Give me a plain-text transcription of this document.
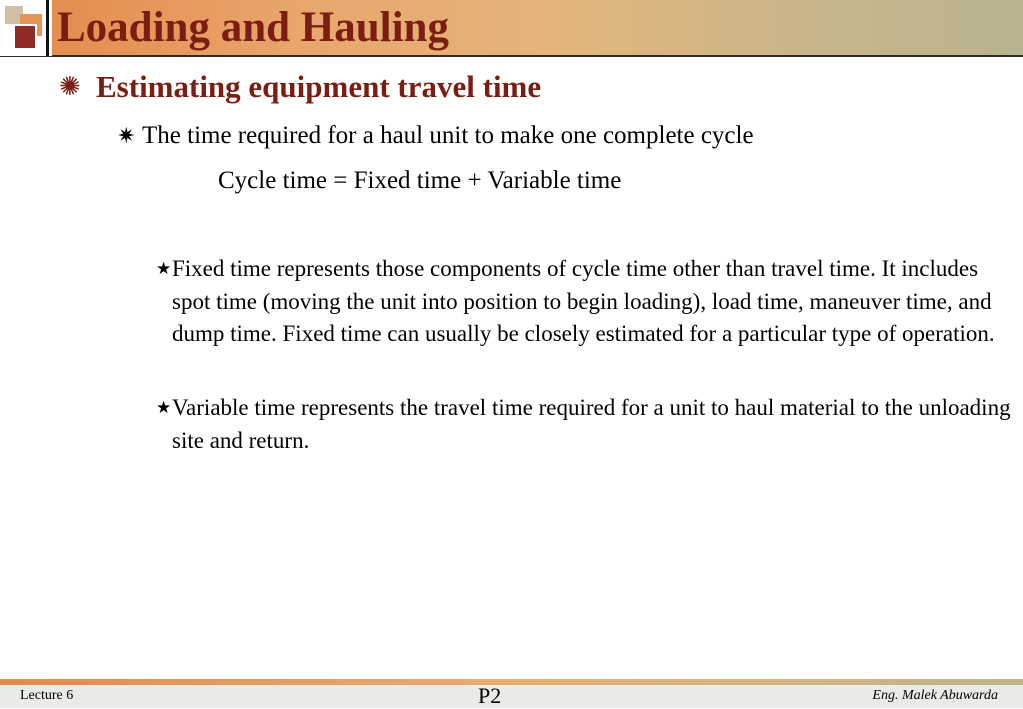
Loading and Hauling
✺ Estimating equipment travel time
✷ The time required for a haul unit to make one complete cycle
Cycle time = Fixed time + Variable time
★ Fixed time represents those components of cycle time other than travel time. It includes spot time (moving the unit into position to begin loading), load time, maneuver time, and dump time. Fixed time can usually be closely estimated for a particular type of operation.
★ Variable time represents the travel time required for a unit to haul material to the unloading site and return.
Lecture 6	P2	Eng. Malek Abuwarda
